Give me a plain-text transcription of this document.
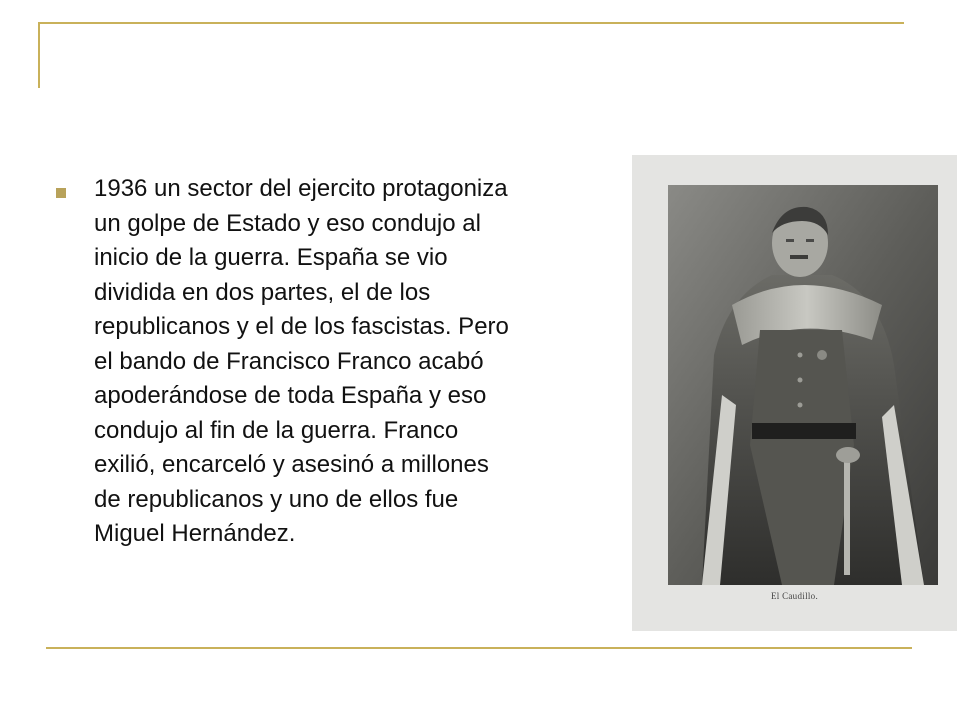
1936 un sector del ejercito protagoniza
un golpe de Estado y eso condujo al
inicio de la guerra. España se vio
dividida en dos partes, el de los
republicanos y el de los fascistas. Pero
el bando de Francisco Franco acabó
apoderándose de toda España y eso
condujo al fin de la guerra. Franco
exilió, encarceló y asesinó a millones
de republicanos y uno de ellos fue
Miguel Hernández.

El Caudillo.
